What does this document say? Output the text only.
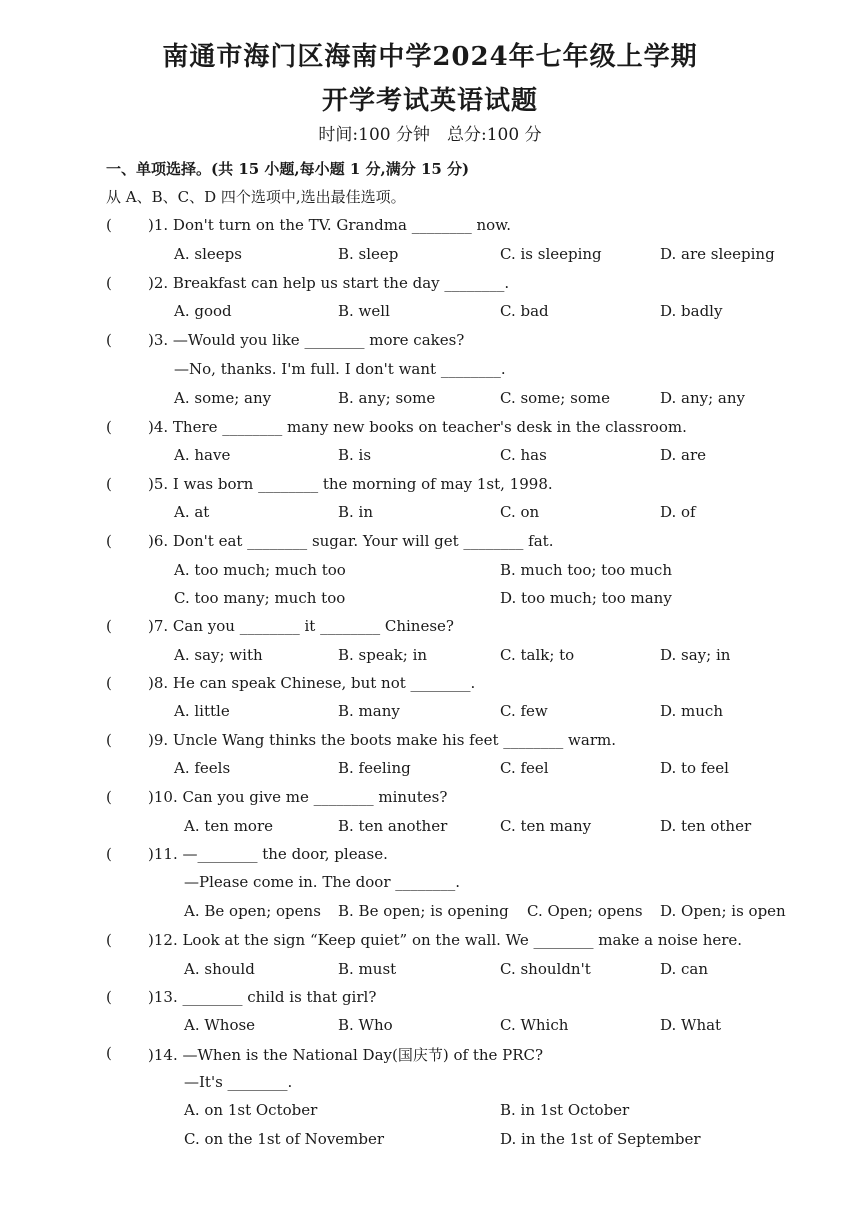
南通市海门区海南中学2024年七年级上学期
开学考试英语试题
时间:100 分钟　总分:100 分
一、单项选择。(共 15 小题,每小题 1 分,满分 15 分)
从 A、B、C、D 四个选项中,选出最佳选项。
( )1. Don't turn on the TV. Grandma ________ now.
A. sleeps	B. sleep	C. is sleeping	D. are sleeping
( )2. Breakfast can help us start the day ________.
A. good	B. well	C. bad	D. badly
( )3. —Would you like ________ more cakes?
—No, thanks. I'm full. I don't want ________.
A. some; any	B. any; some	C. some; some	D. any; any
( )4. There ________ many new books on teacher's desk in the classroom.
A. have	B. is	C. has	D. are
( )5. I was born ________ the morning of may 1st, 1998.
A. at	B. in	C. on	D. of
( )6. Don't eat ________ sugar. Your will get ________ fat.
A. too much; much too	B. much too; too much
C. too many; much too	D. too much; too many
( )7. Can you ________ it ________ Chinese?
A. say; with	B. speak; in	C. talk; to	D. say; in
( )8. He can speak Chinese, but not ________.
A. little	B. many	C. few	D. much
( )9. Uncle Wang thinks the boots make his feet ________ warm.
A. feels	B. feeling	C. feel	D. to feel
( )10. Can you give me ________ minutes?
A. ten more	B. ten another	C. ten many	D. ten other
( )11. —________ the door, please.
—Please come in. The door ________.
A. Be open; opens B. Be open; is opening C. Open; opens D. Open; is open
( )12. Look at the sign “Keep quiet” on the wall. We ________ make a noise here.
A. should	B. must	C. shouldn't	D. can
( )13. ________ child is that girl?
A. Whose	B. Who	C. Which	D. What
( )14. —When is the National Day(国庆节) of the PRC?
—It's ________.
A. on 1st October	B. in 1st October
C. on the 1st of November	D. in the 1st of September
